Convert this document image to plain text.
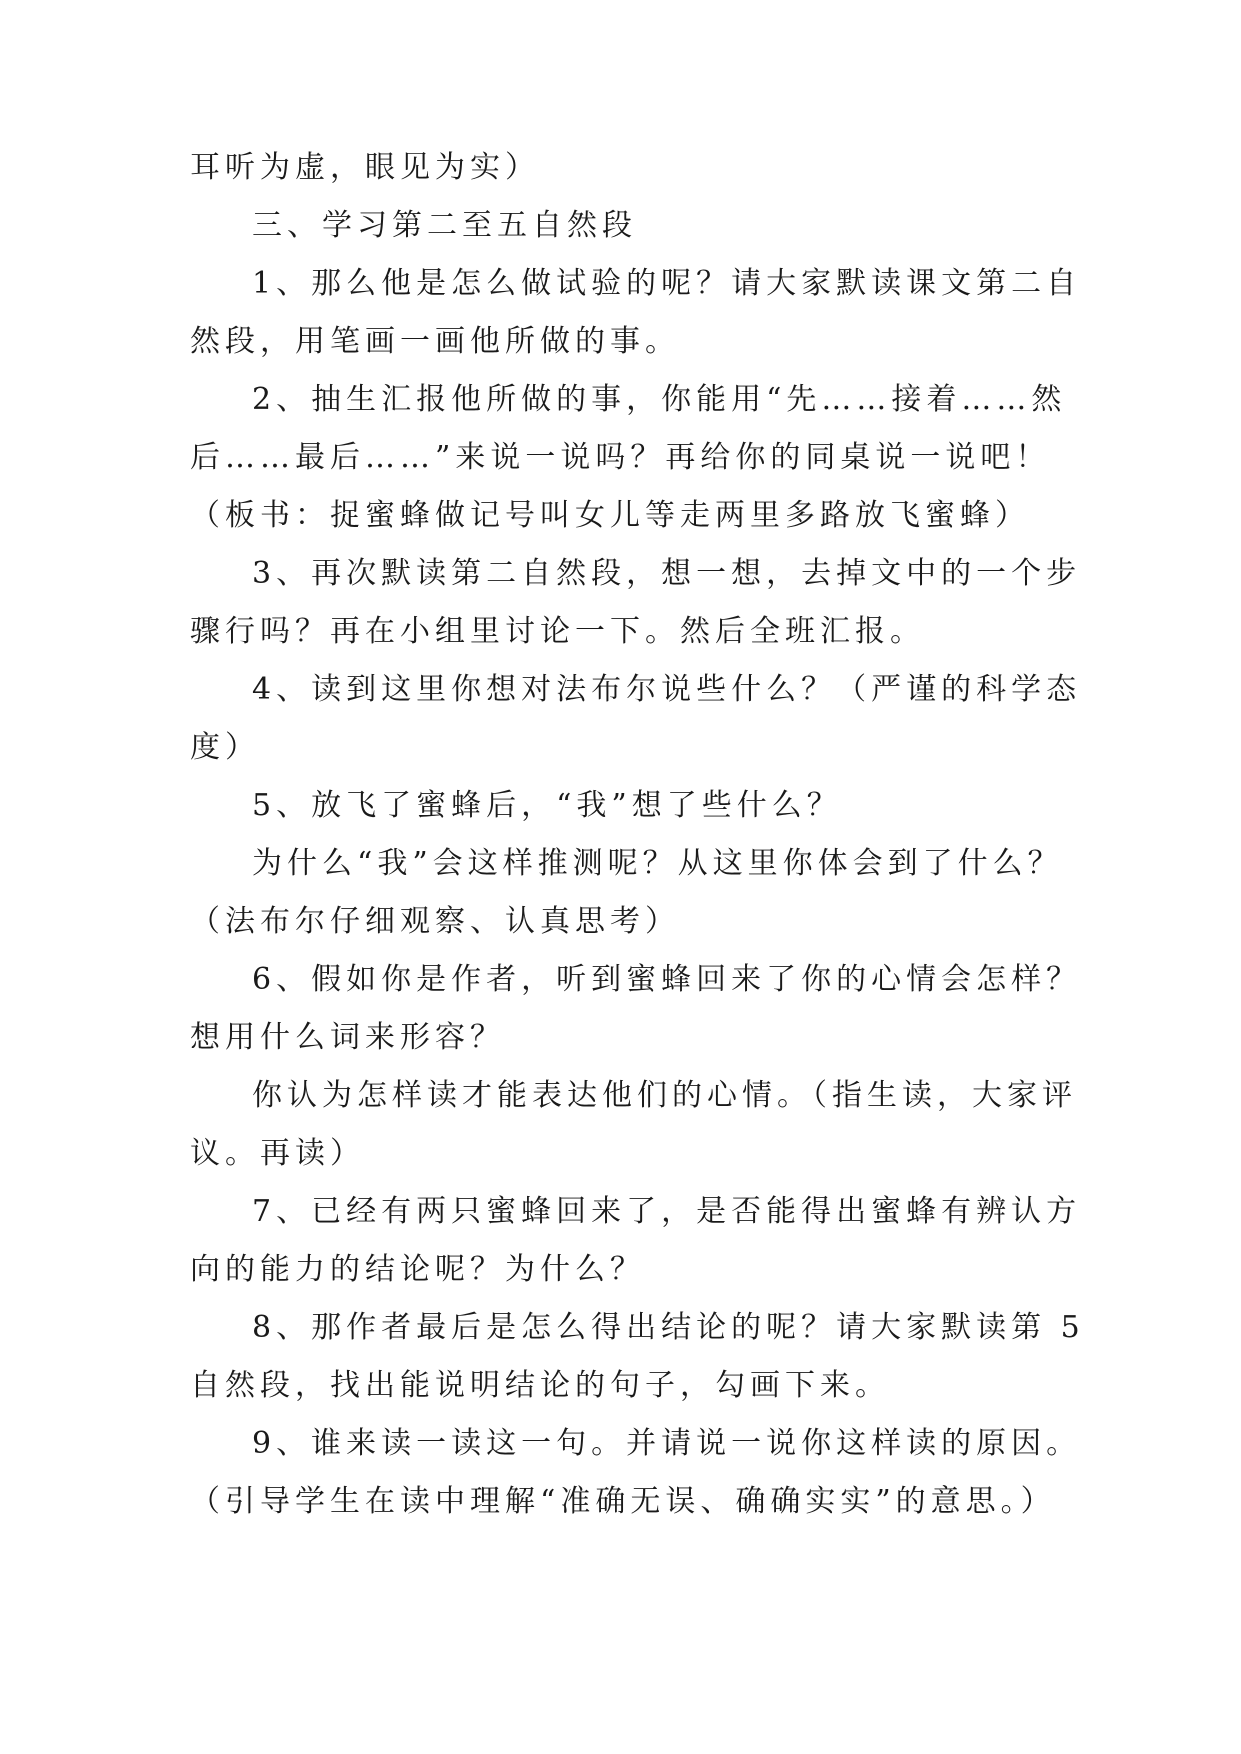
耳听为虚，眼见为实）
三、学习第二至五自然段
1、那么他是怎么做试验的呢？请大家默读课文第二自
然段，用笔画一画他所做的事。
2、抽生汇报他所做的事，你能用“先……接着……然
后……最后……”来说一说吗？再给你的同桌说一说吧！
（板书：捉蜜蜂做记号叫女儿等走两里多路放飞蜜蜂）
3、再次默读第二自然段，想一想，去掉文中的一个步
骤行吗？再在小组里讨论一下。然后全班汇报。
4、读到这里你想对法布尔说些什么？（严谨的科学态
度）
5、放飞了蜜蜂后，“我”想了些什么？
为什么“我”会这样推测呢？从这里你体会到了什么？
（法布尔仔细观察、认真思考）
6、假如你是作者，听到蜜蜂回来了你的心情会怎样？
想用什么词来形容？
你认为怎样读才能表达他们的心情。（指生读，大家评
议。再读）
7、已经有两只蜜蜂回来了，是否能得出蜜蜂有辨认方
向的能力的结论呢？为什么？
8、那作者最后是怎么得出结论的呢？请大家默读第 5
自然段，找出能说明结论的句子，勾画下来。
9、谁来读一读这一句。并请说一说你这样读的原因。
（引导学生在读中理解“准确无误、确确实实”的意思。）
